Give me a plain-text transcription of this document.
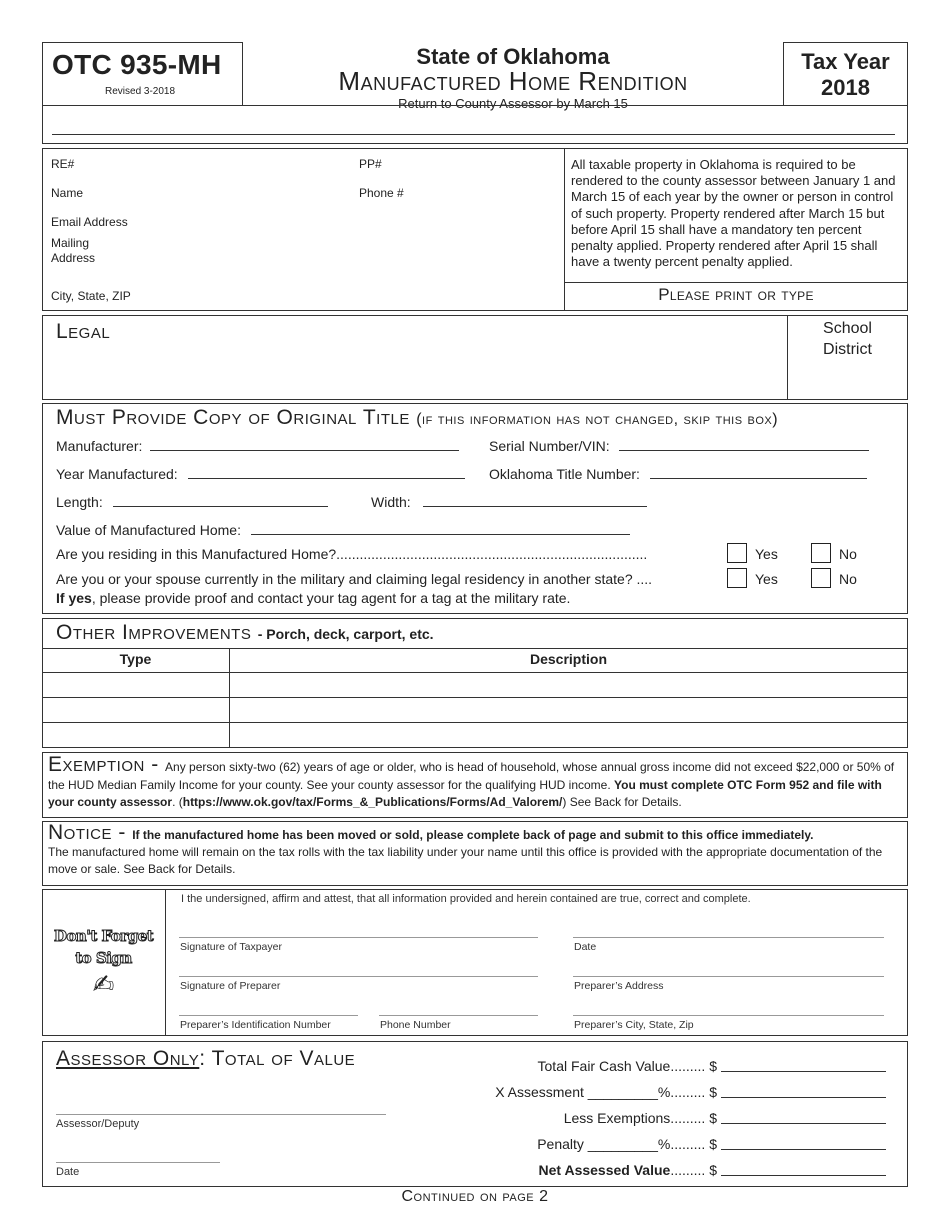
OTC 935-MH
Revised 3-2018
State of Oklahoma
Manufactured Home Rendition
Return to County Assessor by March 15
Tax Year
2018
RE#	PP#
Name	Phone #
Email Address
Mailing
Address
City, State, ZIP
All taxable property in Oklahoma is required to be rendered to the county assessor between January 1 and March 15 of each year by the owner or person in control of such property. Property rendered after March 15 but before April 15 shall have a mandatory ten percent penalty applied. Property rendered after April 15 shall have a twenty percent penalty applied.
Please print or type
Legal	School
District
Must Provide Copy of Original Title (if this information has not changed, skip this box)
Manufacturer:	Serial Number/VIN:
Year Manufactured:	Oklahoma Title Number:
Length:	Width:
Value of Manufactured Home:
Are you residing in this Manufactured Home?................................................................................	Yes	No
Are you or your spouse currently in the military and claiming legal residency in another state? ....	Yes	No
If yes, please provide proof and contact your tag agent for a tag at the military rate.
Other Improvements - Porch, deck, carport, etc.
Type	Description
Exemption - Any person sixty-two (62) years of age or older, who is head of household, whose annual gross income did not exceed $22,000 or 50% of the HUD Median Family Income for your county. See your county assessor for the qualifying HUD income. You must complete OTC Form 952 and file with your county assessor. (https://www.ok.gov/tax/Forms_&_Publications/Forms/Ad_Valorem/) See Back for Details.
Notice - If the manufactured home has been moved or sold, please complete back of page and submit to this office immediately.
The manufactured home will remain on the tax rolls with the tax liability under your name until this office is provided with the appropriate documentation of the move or sale. See Back for Details.
Don't Forget
to Sign
✍
I the undersigned, affirm and attest, that all information provided and herein contained are true, correct and complete.
Signature of Taxpayer	Date
Signature of Preparer	Preparer’s Address
Preparer’s Identification Number	Phone Number	Preparer’s City, State, Zip
Assessor Only: Total of Value
Assessor/Deputy
Date
Total Fair Cash Value......... $
X Assessment _________%......... $
Less Exemptions......... $
Penalty _________%......... $
Net Assessed Value......... $
Continued on page 2
